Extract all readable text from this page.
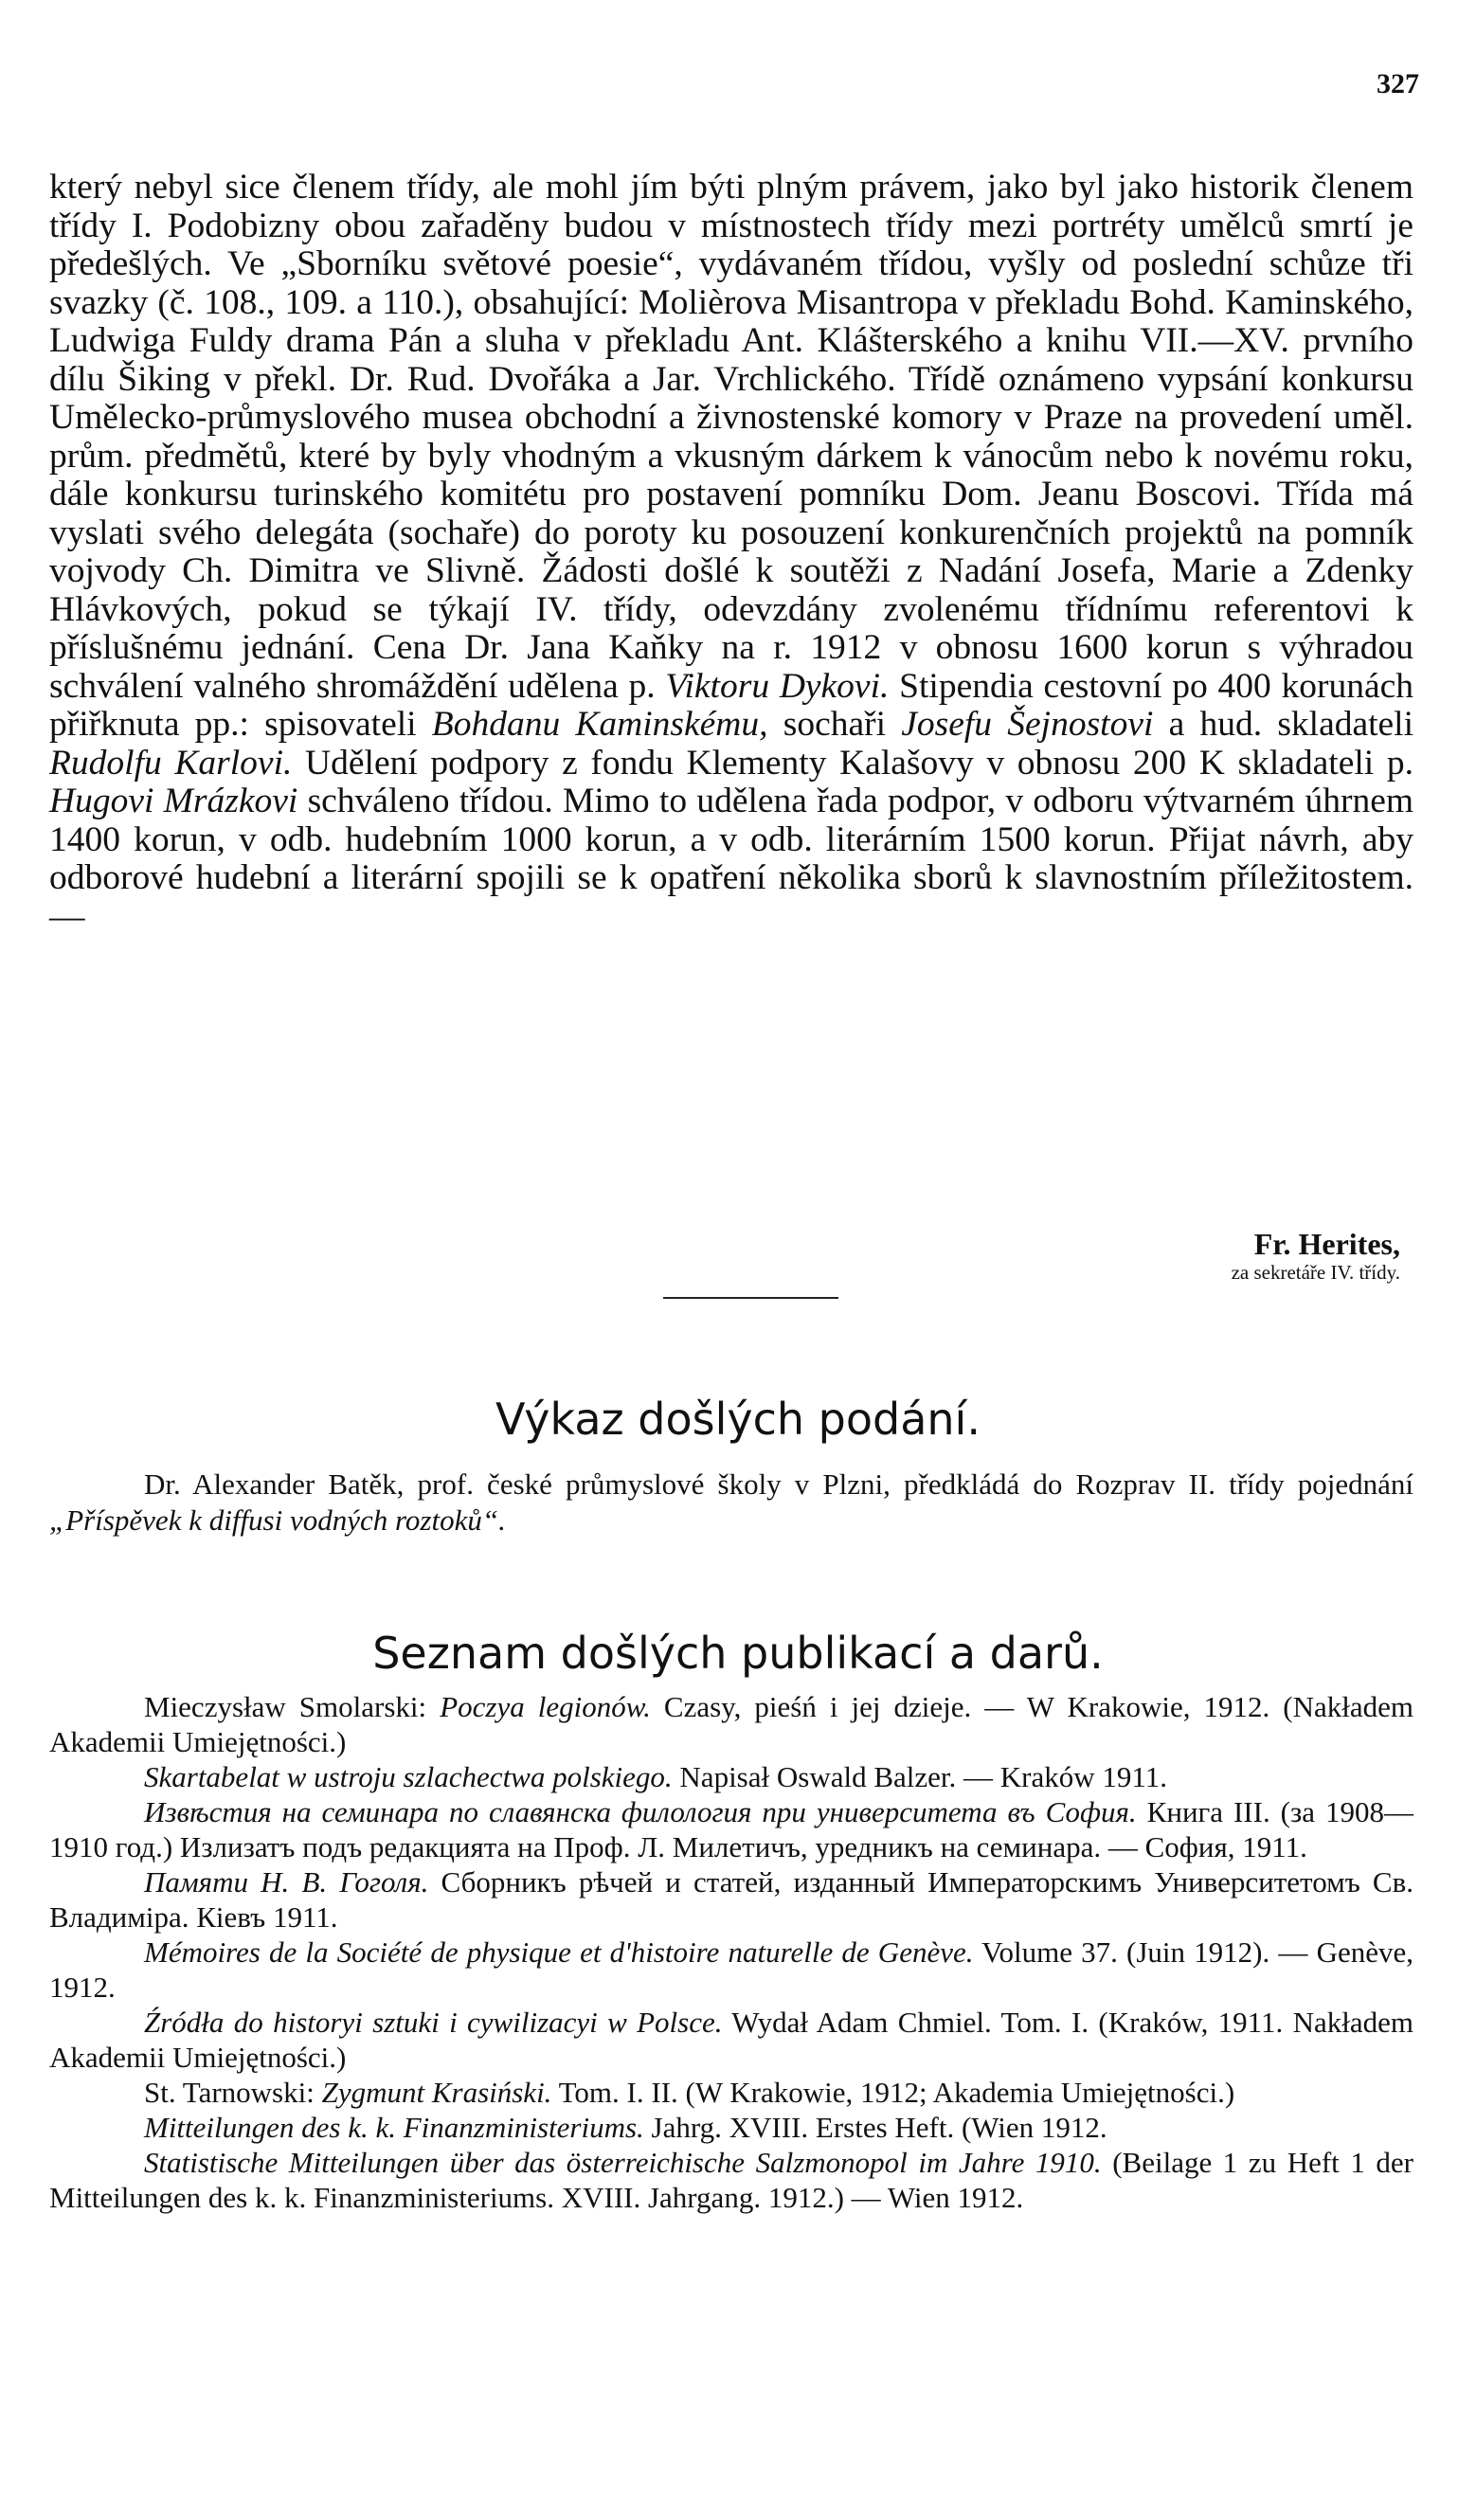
327

který nebyl sice členem třídy, ale mohl jím býti plným právem, jako byl jako historik členem třídy I. Podobizny obou zařaděny budou v místnostech třídy mezi portréty umělců smrtí je předešlých. Ve „Sborníku světové poesie“, vydávaném třídou, vyšly od poslední schůze tři svazky (č. 108., 109. a 110.), obsahující: Molièrova Misantropa v překladu Bohd. Kaminského, Ludwiga Fuldy drama Pán a sluha v překladu Ant. Klášterského a knihu VII.—XV. prvního dílu Šiking v překl. Dr. Rud. Dvořáka a Jar. Vrchlického. Třídě oznámeno vypsání konkursu Umělecko-průmyslového musea obchodní a živnostenské komory v Praze na provedení uměl. prům. předmětů, které by byly vhodným a vkusným dárkem k vánocům nebo k novému roku, dále konkursu turinského komitétu pro postavení pomníku Dom. Jeanu Boscovi. Třída má vyslati svého delegáta (sochaře) do poroty ku posouzení konkurenčních projektů na pomník vojvody Ch. Dimitra ve Slivně. Žádosti došlé k soutěži z Nadání Josefa, Marie a Zdenky Hlávkových, pokud se týkají IV. třídy, odevzdány zvolenému třídnímu referentovi k příslušnému jednání. Cena Dr. Jana Kaňky na r. 1912 v obnosu 1600 korun s výhradou schválení valného shromáždění udělena p. Viktoru Dykovi. Stipendia cestovní po 400 korunách přiřknuta pp.: spisovateli Bohdanu Kaminskému, sochaři Josefu Šejnostovi a hud. skladateli Rudolfu Karlovi. Udělení podpory z fondu Klementy Kalašovy v obnosu 200 K skladateli p. Hugovi Mrázkovi schváleno třídou. Mimo to udělena řada podpor, v odboru výtvarném úhrnem 1400 korun, v odb. hudebním 1000 korun, a v odb. literárním 1500 korun. Přijat návrh, aby odborové hudební a literární spojili se k opatření několika sborů k slavnostním příležitostem. —

Fr. Herites,
za sekretáře IV. třídy.
Výkaz došlých podání.

Dr. Alexander Batěk, prof. české průmyslové školy v Plzni, předkládá do Rozprav II. třídy pojednání „Příspěvek k diffusi vodných roztoků“.

Seznam došlých publikací a darů.
Mieczysław Smolarski: Poczya legionów. Czasy, pieśń i jej dzieje. — W Krakowie, 1912. (Nakładem Akademii Umiejętności.)
Skartabelat w ustroju szlachectwa polskiego. Napisał Oswald Balzer. — Kraków 1911.
Извѣстия на семинара по славянска филология при университета въ София. Книга III. (за 1908—1910 год.) Излизатъ подъ редакцията на Проф. Л. Милетичъ, уредникъ на семинара. — София, 1911.
Памяти Н. В. Гоголя. Сборникъ рѣчей и статей, изданный Императорскимъ Университетомъ Св. Владиміра. Кіевъ 1911.
Mémoires de la Société de physique et d'histoire naturelle de Genève. Volume 37. (Juin 1912). — Genève, 1912.
Źródła do historyi sztuki i cywilizacyi w Polsce. Wydał Adam Chmiel. Tom. I. (Kraków, 1911. Nakładem Akademii Umiejętności.)
St. Tarnowski: Zygmunt Krasiński. Tom. I. II. (W Krakowie, 1912; Akademia Umiejętności.)
Mitteilungen des k. k. Finanzministeriums. Jahrg. XVIII. Erstes Heft. (Wien 1912.
Statistische Mitteilungen über das österreichische Salzmonopol im Jahre 1910. (Beilage 1 zu Heft 1 der Mitteilungen des k. k. Finanzministeriums. XVIII. Jahrgang. 1912.) — Wien 1912.
